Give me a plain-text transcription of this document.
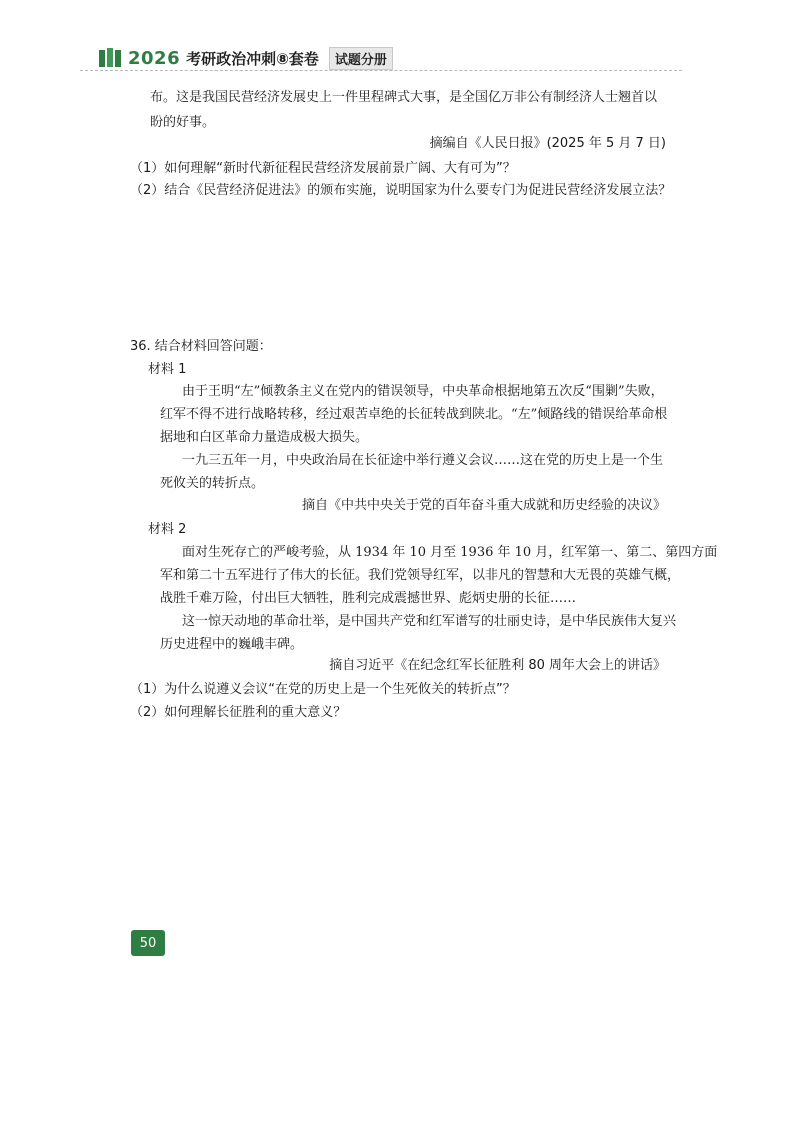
2026 考研政治冲刺⑧套卷	试题分册
布。这是我国民营经济发展史上一件里程碑式大事，是全国亿万非公有制经济人士翘首以
盼的好事。
摘编自《人民日报》(2025 年 5 月 7 日)
（1）如何理解“新时代新征程民营经济发展前景广阔、大有可为”？
（2）结合《民营经济促进法》的颁布实施，说明国家为什么要专门为促进民营经济发展立法？
36. 结合材料回答问题：
材料 1
由于王明“左”倾教条主义在党内的错误领导，中央革命根据地第五次反“围剿”失败，
红军不得不进行战略转移，经过艰苦卓绝的长征转战到陕北。“左”倾路线的错误给革命根
据地和白区革命力量造成极大损失。
一九三五年一月，中央政治局在长征途中举行遵义会议……这在党的历史上是一个生
死攸关的转折点。
摘自《中共中央关于党的百年奋斗重大成就和历史经验的决议》
材料 2
面对生死存亡的严峻考验，从 1934 年 10 月至 1936 年 10 月，红军第一、第二、第四方面
军和第二十五军进行了伟大的长征。我们党领导红军，以非凡的智慧和大无畏的英雄气概，
战胜千难万险，付出巨大牺牲，胜利完成震撼世界、彪炳史册的长征……
这一惊天动地的革命壮举，是中国共产党和红军谱写的壮丽史诗，是中华民族伟大复兴
历史进程中的巍峨丰碑。
摘自习近平《在纪念红军长征胜利 80 周年大会上的讲话》
（1）为什么说遵义会议“在党的历史上是一个生死攸关的转折点”？
（2）如何理解长征胜利的重大意义？
50
